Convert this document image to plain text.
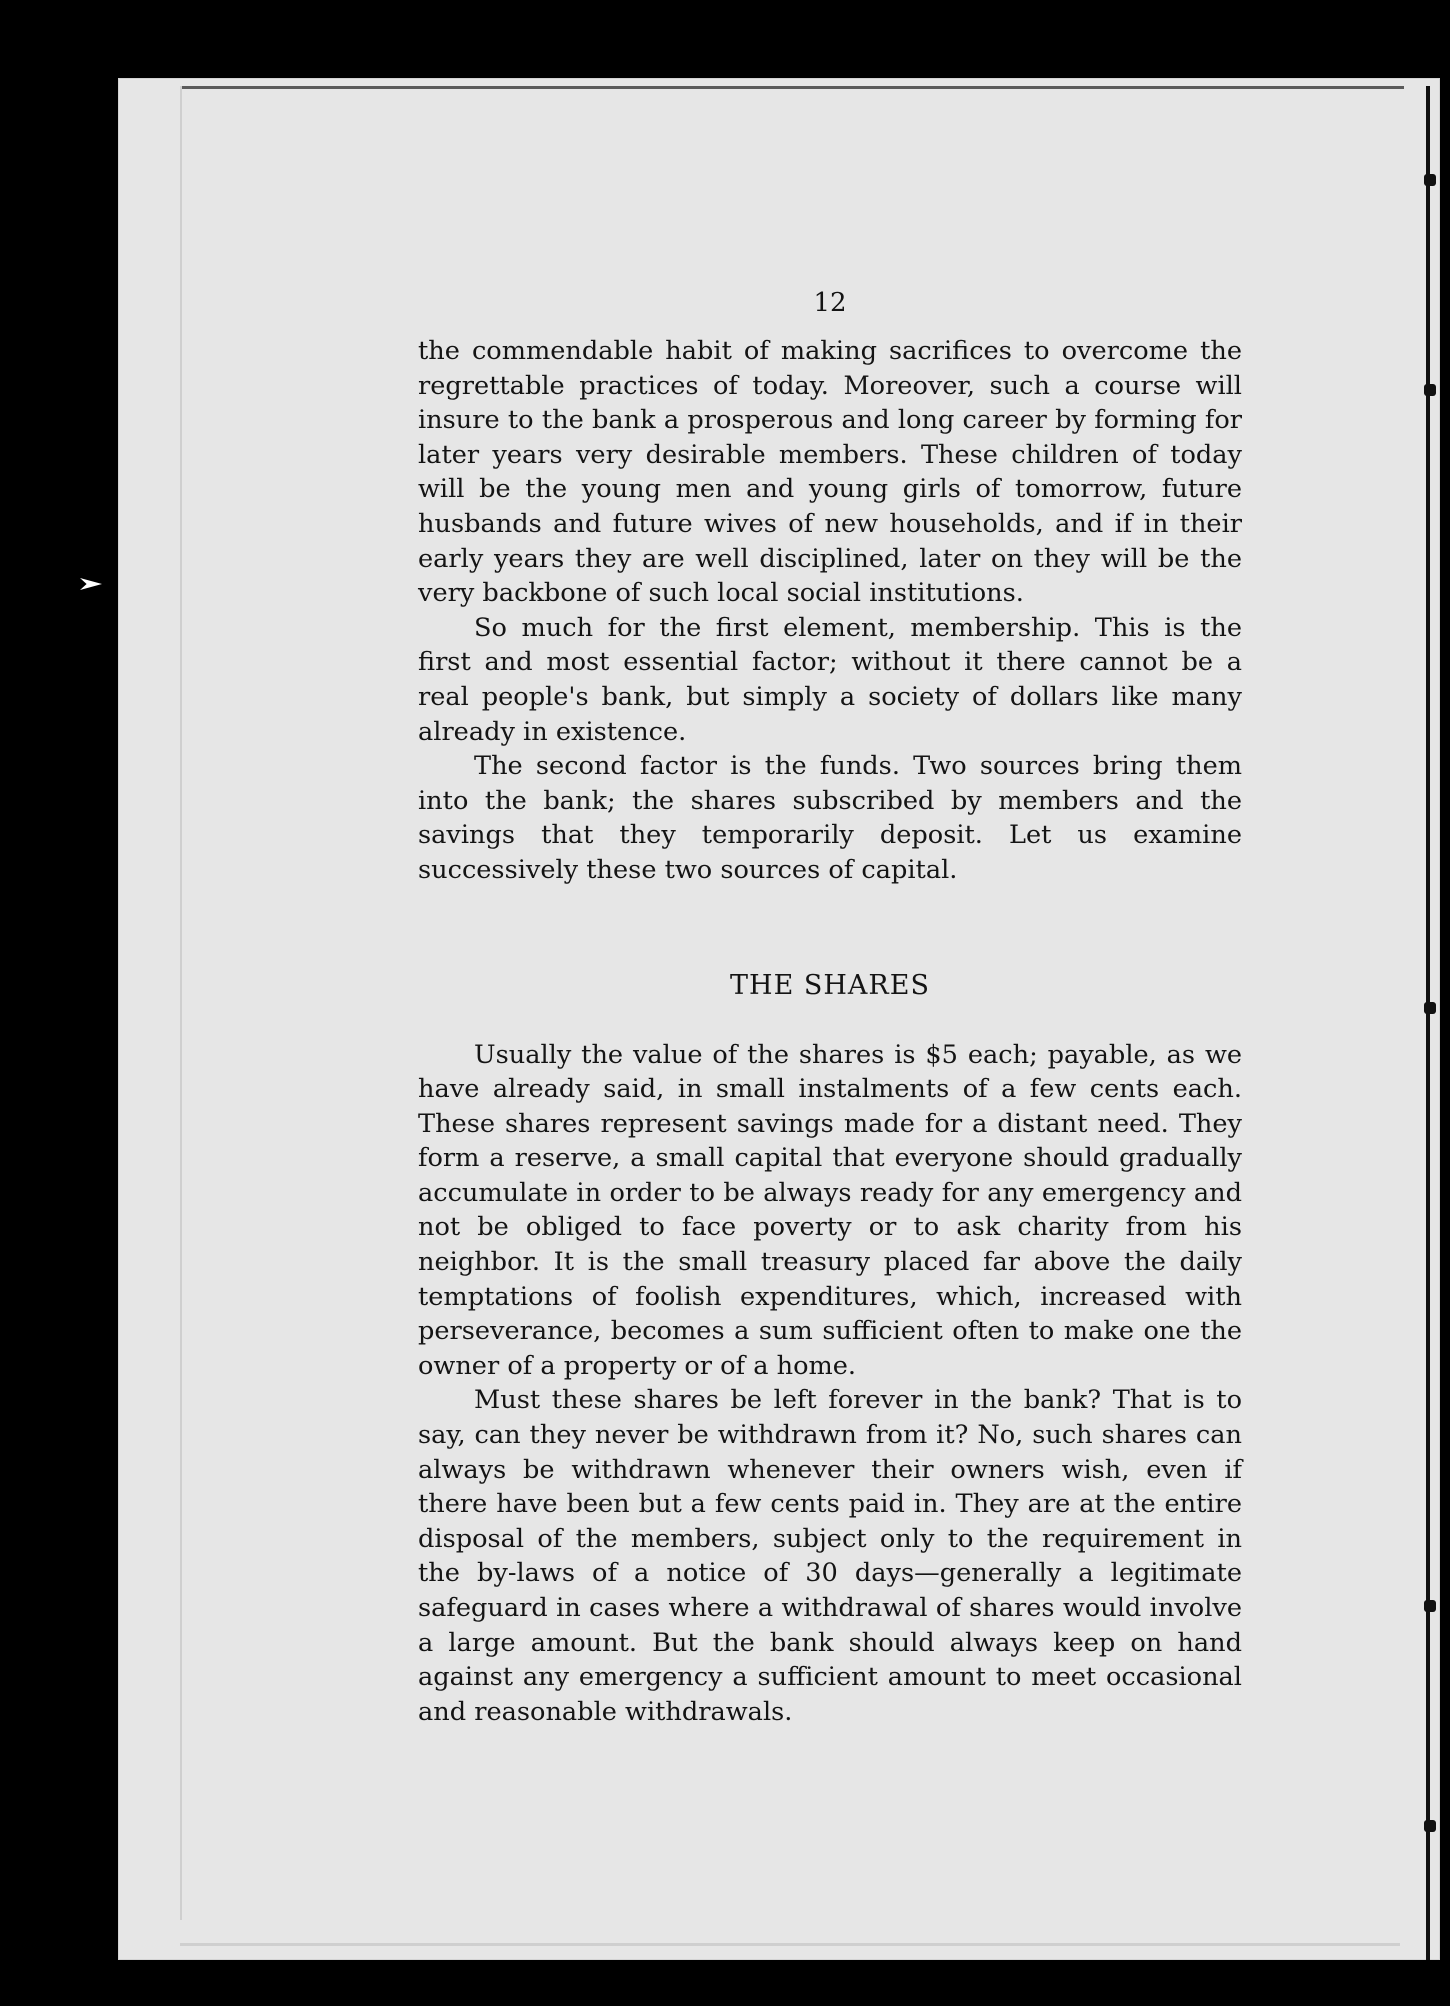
12

the commendable habit of making sacrifices to overcome the regrettable practices of today. Moreover, such a course will insure to the bank a prosperous and long career by forming for later years very desirable members. These children of today will be the young men and young girls of tomorrow, future husbands and future wives of new households, and if in their early years they are well disciplined, later on they will be the very backbone of such local social institutions.

So much for the first element, membership. This is the first and most essential factor; without it there cannot be a real people's bank, but simply a society of dollars like many already in existence.

The second factor is the funds. Two sources bring them into the bank; the shares subscribed by members and the savings that they temporarily deposit. Let us examine successively these two sources of capital.

THE SHARES

Usually the value of the shares is $5 each; payable, as we have already said, in small instalments of a few cents each. These shares represent savings made for a distant need. They form a reserve, a small capital that everyone should gradually accumulate in order to be always ready for any emergency and not be obliged to face poverty or to ask charity from his neighbor. It is the small treasury placed far above the daily temptations of foolish expenditures, which, increased with perseverance, becomes a sum sufficient often to make one the owner of a property or of a home.

Must these shares be left forever in the bank? That is to say, can they never be withdrawn from it? No, such shares can always be withdrawn whenever their owners wish, even if there have been but a few cents paid in. They are at the entire disposal of the members, subject only to the requirement in the by-laws of a notice of 30 days—generally a legitimate safeguard in cases where a withdrawal of shares would involve a large amount. But the bank should always keep on hand against any emergency a sufficient amount to meet occasional and reasonable withdrawals.
